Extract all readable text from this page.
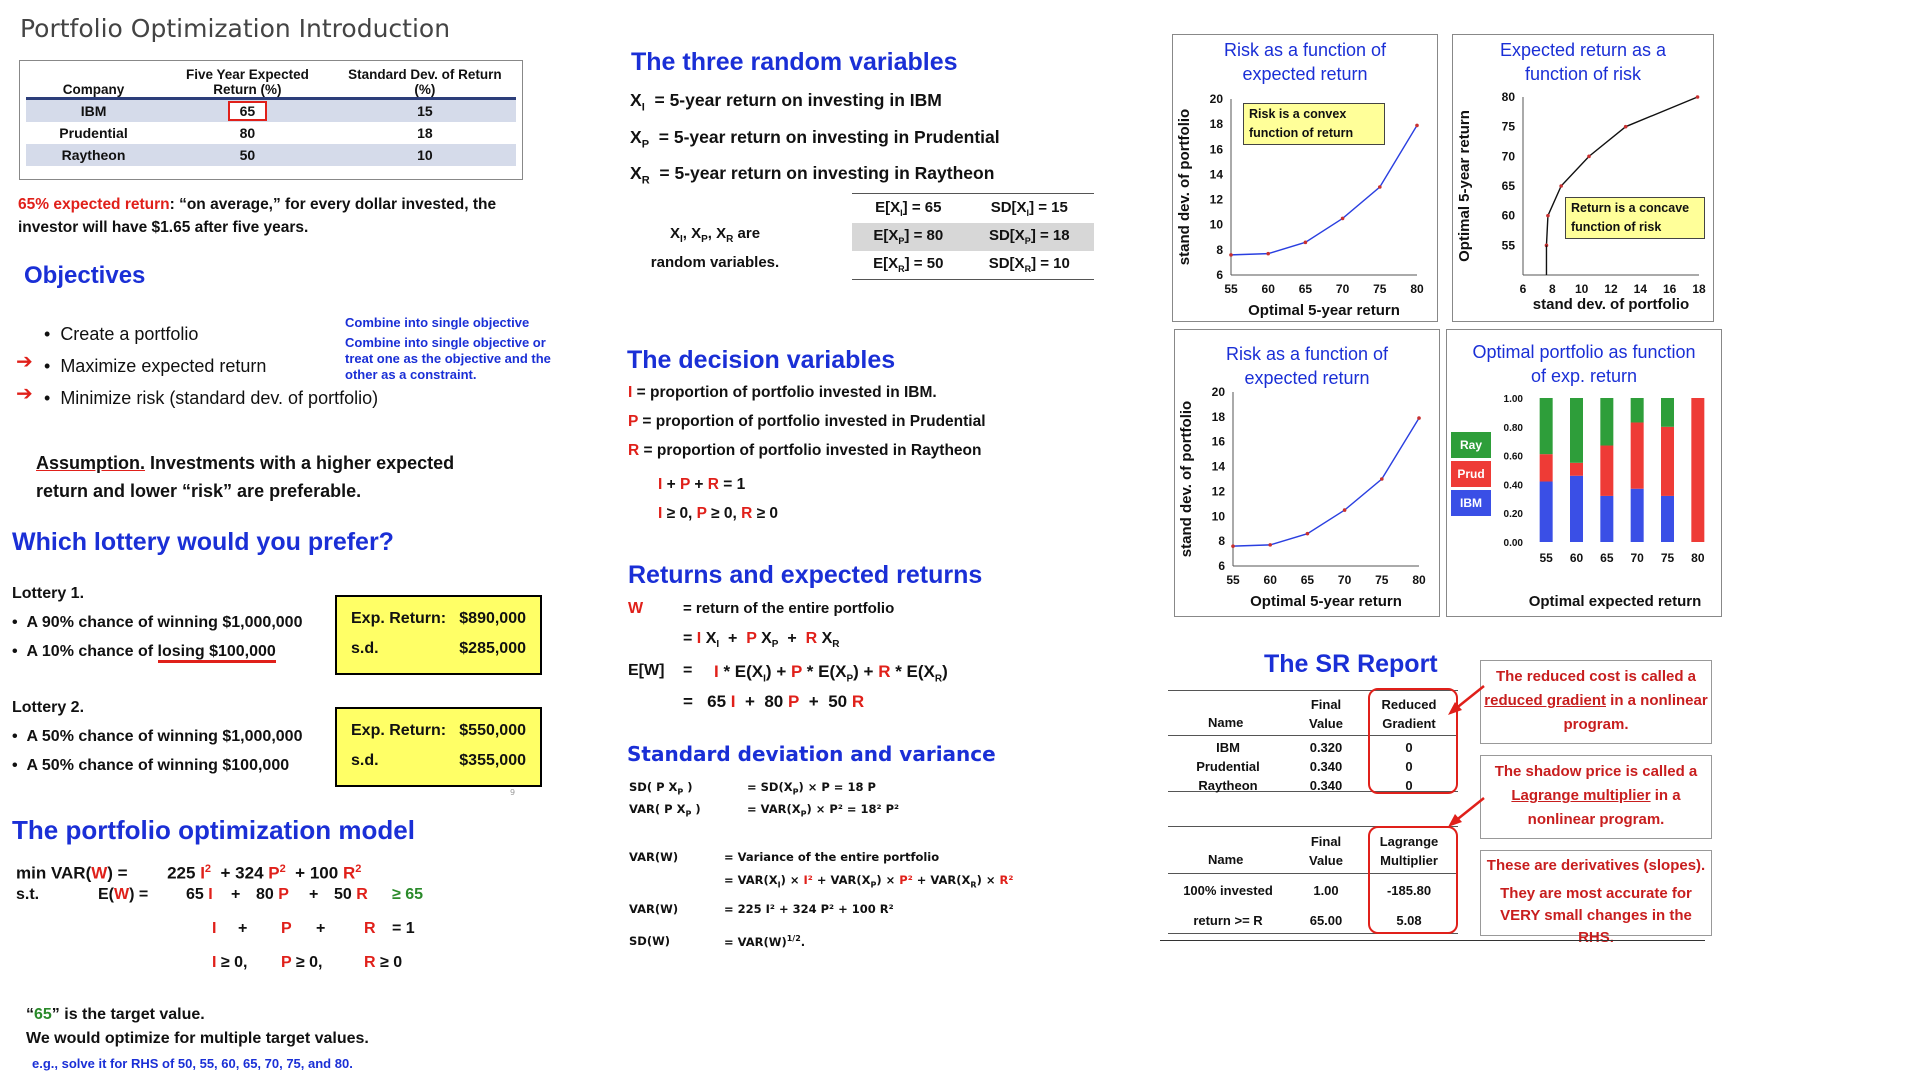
Portfolio Optimization Introduction
Company	Five Year Expected Return (%)	Standard Dev. of Return (%)
IBM	65	15
Prudential	80	18
Raytheon	50	10
65% expected return: “on average,” for every dollar invested, the investor will have $1.65 after five years.
Objectives
•  Create a portfolio
•  Maximize expected return
•  Minimize risk (standard dev. of portfolio)
➔
➔
Combine into single objective
Combine into single objective or treat one as the objective and the other as a constraint.
Assumption. Investments with a higher expected return and lower “risk” are preferable.
Which lottery would you prefer?
Lottery 1.
•  A 90% chance of winning $1,000,000
•  A 10% chance of losing $100,000
Exp. Return: $890,000
s.d.	$285,000
Lottery 2.
•  A 50% chance of winning $1,000,000
•  A 50% chance of winning $100,000
Exp. Return: $550,000
s.d.	$355,000
9
The portfolio optimization model
min VAR(W) = 225 $I^2 + 324$ $P^2 + 100$ $R^2$
s.t.	E(W) = 65 I + 80 P + 50 R ≥ 65
I + P + R = 1
I ≥ 0, P ≥ 0,	R ≥ 0
“65” is the target value.
We would optimize for multiple target values.
e.g., solve it for RHS of 50, 55, 60, 65, 70, 75, and 80.
The three random variables
$X_I$ = 5-year return on investing in IBM
$X_P$ = 5-year return on investing in Prudential
$X_R$ = 5-year return on investing in Raytheon
$X_I$, $X_P$, $X_R$ are
random variables.
$E[X_I] = 65$	$SD[X_I] = 15$
$E[X_P] = 80$	$SD[X_P] = 18$
$E[X_R] = 50$	$SD[X_R] = 10$
The decision variables
I = proportion of portfolio invested in IBM.
P = proportion of portfolio invested in Prudential
R = proportion of portfolio invested in Raytheon
I + P + R = 1
I ≥ 0, P ≥ 0, R ≥ 0
Returns and expected returns
W	= return of the entire portfolio
= I $X_I + P$ $X_P + R$ $X_R$
$E[W] = I * E(X_I) + P * E(X_P) + R * E(X_R)$
= 65 I + 80 P + 50 R
Standard deviation and variance
SD( P $X_P$ )	= $SD(X_P) \times P = 18$ P
VAR( P $X_P$ )	= $VAR(X_P) \times P^2 = 18^2$ P²
VAR(W)	= Variance of the entire portfolio
= $VAR(X_I) \times I^2 + VAR(X_P) \times P^2 + VAR(X_R) \times R^2$
VAR(W)	= 225 I² + 324 P² + 100 R²
SD(W)	= $VAR(W)^{1/2}$.
Risk as a function of expected return
55 60 65 70 75 80
6
8
10
12
14
16
18
20
Optimal 5-year return
stand dev. of portfolio	Risk is a convex function of return
Expected return as a function of risk
6 8 10 12 14 16 18
55
60
65
70
75
80
stand dev. of portfolio
Optimal 5-year return	Return is a concave function of risk
Risk as a function of expected return
55 60 65 70 75 80
6
8
10
12
14
16
18
20
Optimal 5-year return
stand dev. of portfolio
Optimal portfolio as function of exp. return
0.00
0.20
0.40
0.60
0.80
1.00
55 60 65 70 75 80
Optimal expected return
Ray
Prud
IBM
The SR Report
Name
Final Value
Reduced Gradient
IBM	0.320	0
Prudential	0.340	0
Raytheon	0.340	0
Name
Final Value
Lagrange Multiplier
100% invested	1.00	-185.80
return >= R	65.00	5.08
The reduced cost is called a reduced gradient in a nonlinear program.
The shadow price is called a Lagrange multiplier in a nonlinear program.
These are derivatives (slopes).
They are most accurate for VERY small changes in the RHS.
